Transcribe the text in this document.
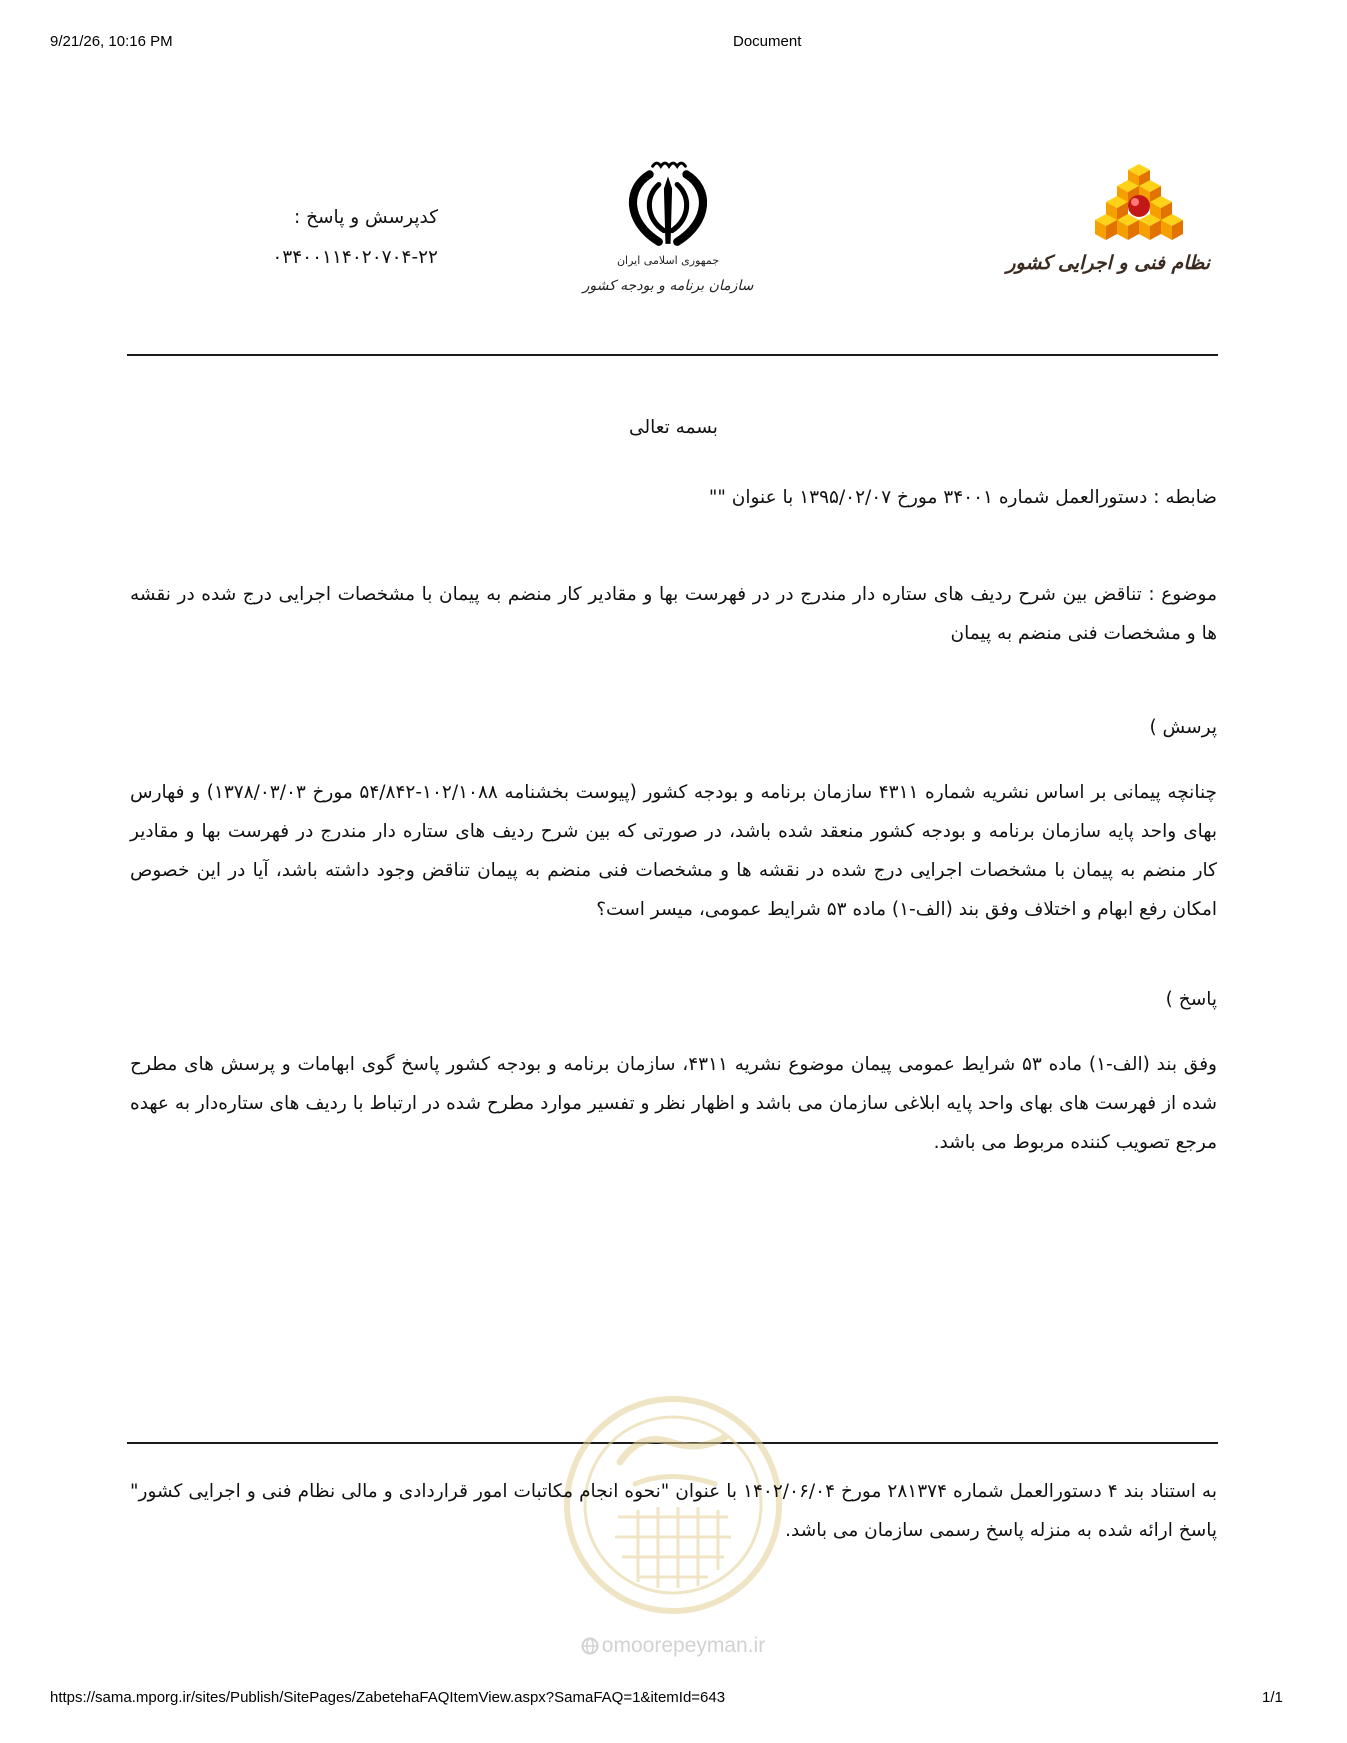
9/21/26, 10:16 PM	Document
نظام فنی و اجرایی کشور
جمهوری اسلامی ایران
سازمان برنامه و بودجه کشور
کدپرسش و پاسخ :
۰۳۴۰۰۱۱۴۰۲۰۷۰۴-۲۲

بسمه تعالی

ضابطه : دستورالعمل شماره ۳۴۰۰۱ مورخ ۱۳۹۵/۰۲/۰۷ با عنوان ""

موضوع : تناقض بین شرح ردیف های ستاره دار مندرج در در فهرست بها و مقادیر کار منضم به پیمان با مشخصات اجرایی درج شده در نقشه ها و مشخصات فنی منضم به پیمان

پرسش )

چنانچه پیمانی بر اساس نشریه شماره ۴۳۱۱ سازمان برنامه و بودجه کشور (پیوست بخشنامه ۱۰۲/۱۰۸۸-۵۴/۸۴۲ مورخ ۱۳۷۸/۰۳/۰۳) و فهارس بهای واحد پایه سازمان برنامه و بودجه کشور منعقد شده باشد، در صورتی که بین شرح ردیف های ستاره دار مندرج در فهرست بها و مقادیر کار منضم به پیمان با مشخصات اجرایی درج شده در نقشه ها و مشخصات فنی منضم به پیمان تناقض وجود داشته باشد، آیا در این خصوص امکان رفع ابهام و اختلاف وفق بند (الف-۱) ماده ۵۳ شرایط عمومی، میسر است؟

پاسخ )

وفق بند (الف-۱) ماده ۵۳ شرایط عمومی پیمان موضوع نشریه ۴۳۱۱، سازمان برنامه و بودجه کشور پاسخ گوی ابهامات و پرسش های مطرح شده از فهرست های بهای واحد پایه ابلاغی سازمان می باشد و اظهار نظر و تفسیر موارد مطرح شده در ارتباط با ردیف های ستاره‌دار به عهده مرجع تصویب کننده مربوط می باشد.

omoorepeyman.ir

به استناد بند ۴ دستورالعمل شماره ۲۸۱۳۷۴ مورخ ۱۴۰۲/۰۶/۰۴ با عنوان "نحوه انجام مکاتبات امور قراردادی و مالی نظام فنی و اجرایی کشور" پاسخ ارائه شده به منزله پاسخ رسمی سازمان می باشد.

https://sama.mporg.ir/sites/Publish/SitePages/ZabetehaFAQItemView.aspx?SamaFAQ=1&itemId=643	1/1
